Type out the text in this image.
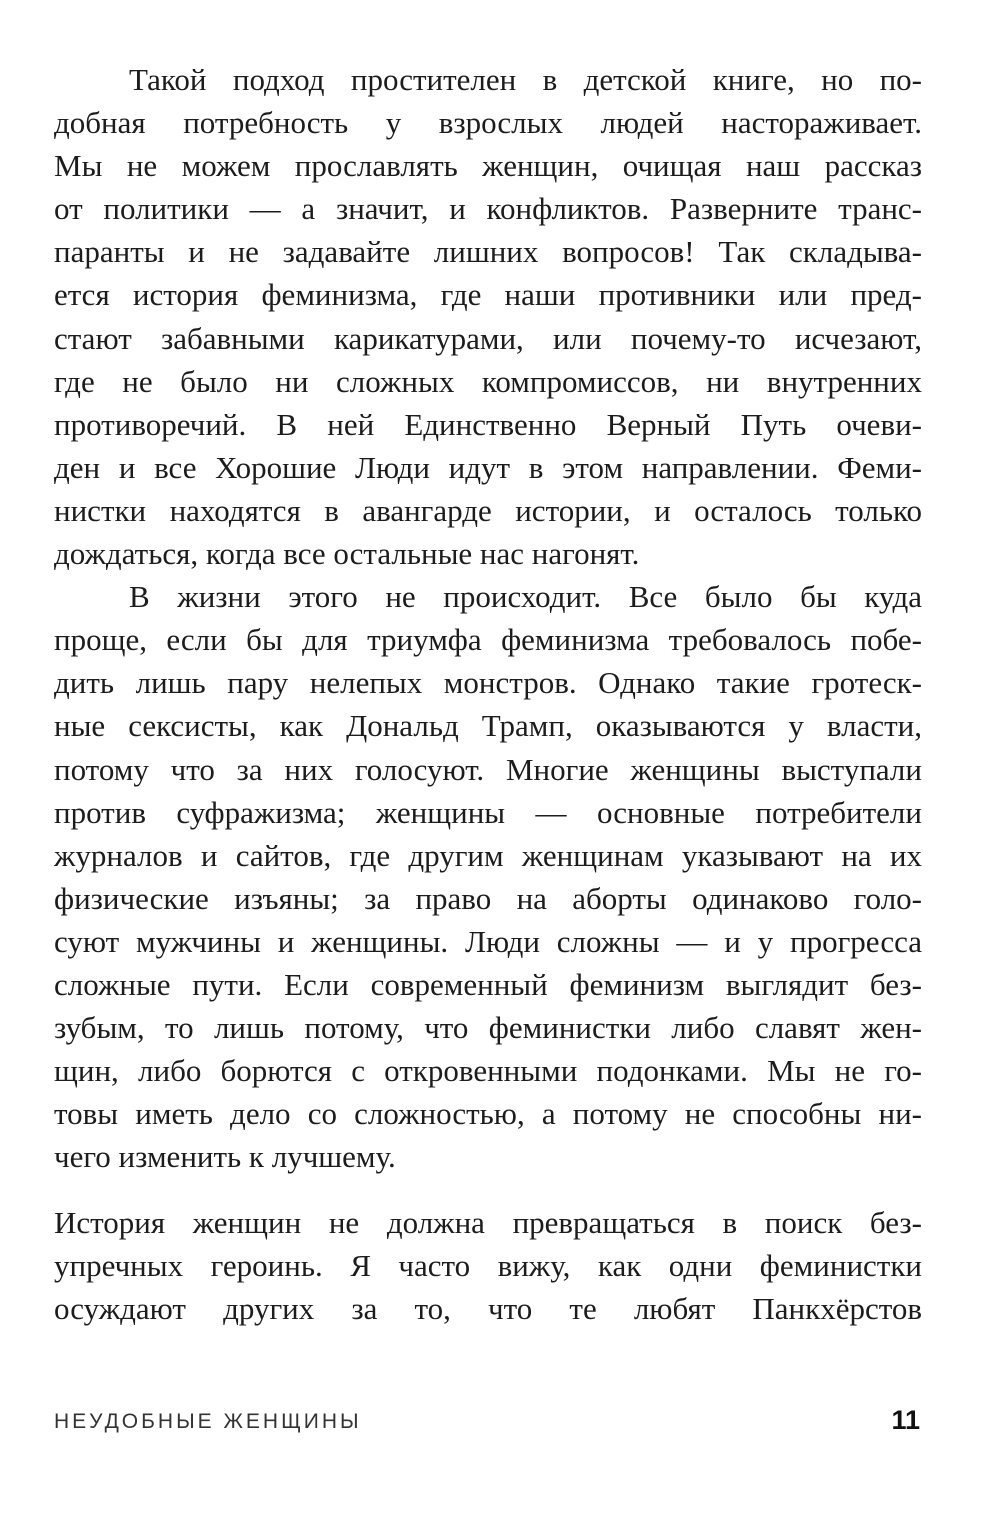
Такой подход простителен в детской книге, но по-
добная потребность у взрослых людей настораживает.
Мы не можем прославлять женщин, очищая наш рассказ
от политики — а значит, и конфликтов. Разверните транс-
паранты и не задавайте лишних вопросов! Так складыва-
ется история феминизма, где наши противники или пред-
стают забавными карикатурами, или почему-то исчезают,
где не было ни сложных компромиссов, ни внутренних
противоречий. В ней Единственно Верный Путь очеви-
ден и все Хорошие Люди идут в этом направлении. Феми-
нистки находятся в авангарде истории, и осталось только
дождаться, когда все остальные нас нагонят.
В жизни этого не происходит. Все было бы куда
проще, если бы для триумфа феминизма требовалось побе-
дить лишь пару нелепых монстров. Однако такие гротеск-
ные сексисты, как Дональд Трамп, оказываются у власти,
потому что за них голосуют. Многие женщины выступали
против суфражизма; женщины — основные потребители
журналов и сайтов, где другим женщинам указывают на их
физические изъяны; за право на аборты одинаково голо-
суют мужчины и женщины. Люди сложны — и у прогресса
сложные пути. Если современный феминизм выглядит без-
зубым, то лишь потому, что феминистки либо славят жен-
щин, либо борются с откровенными подонками. Мы не го-
товы иметь дело со сложностью, а потому не способны ни-
чего изменить к лучшему.
История женщин не должна превращаться в поиск без-
упречных героинь. Я часто вижу, как одни феминистки
осуждают других за то, что те любят Панкхёрстов
НЕУДОБНЫЕ ЖЕНЩИНЫ	11
